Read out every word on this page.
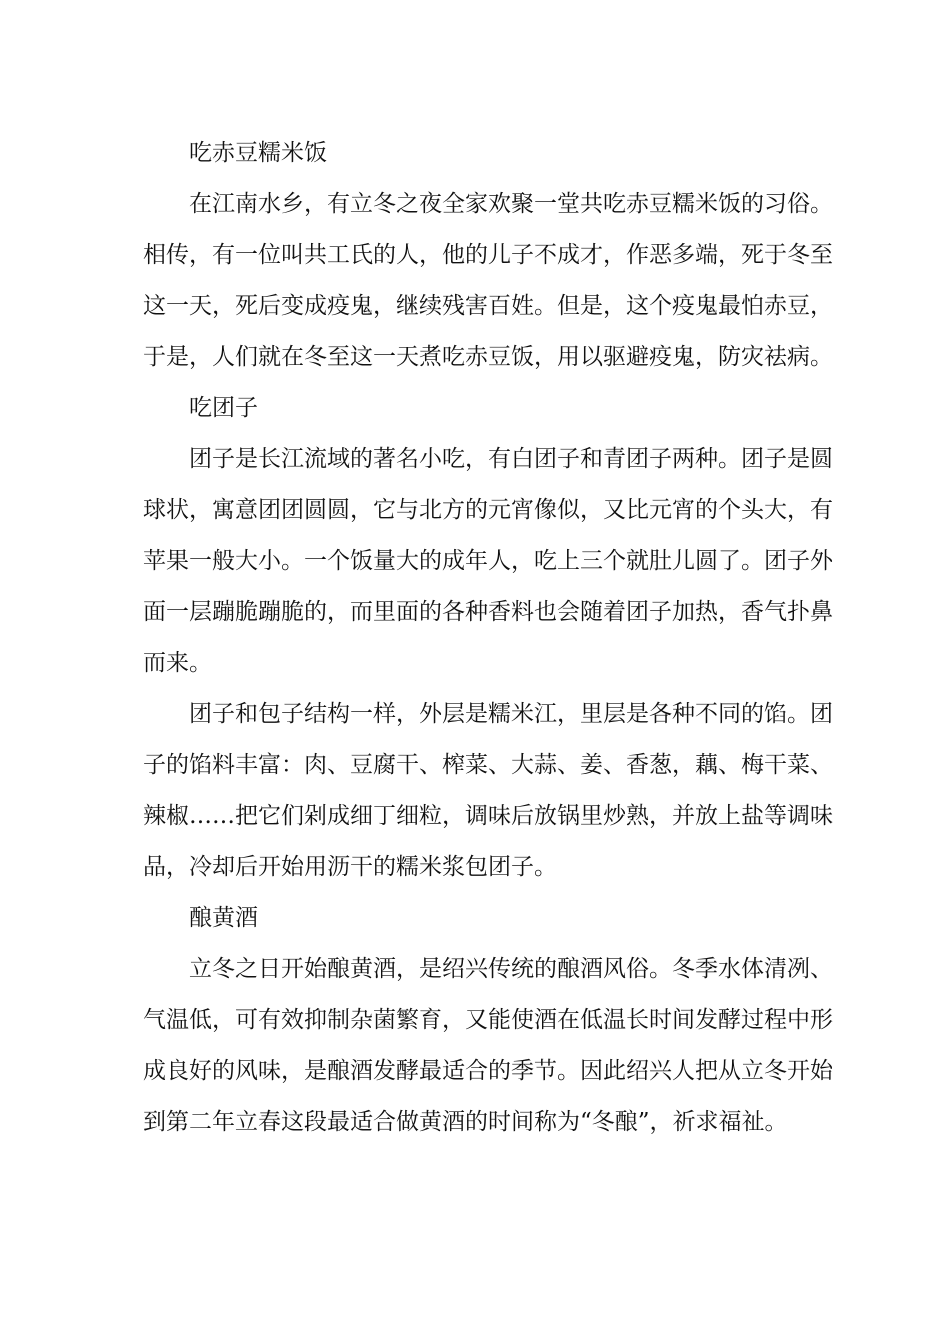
吃赤豆糯米饭

在江南水乡，有立冬之夜全家欢聚一堂共吃赤豆糯米饭的习俗。相传，有一位叫共工氏的人，他的儿子不成才，作恶多端，死于冬至这一天，死后变成疫鬼，继续残害百姓。但是，这个疫鬼最怕赤豆，于是，人们就在冬至这一天煮吃赤豆饭，用以驱避疫鬼，防灾祛病。

吃团子

团子是长江流域的著名小吃，有白团子和青团子两种。团子是圆球状，寓意团团圆圆，它与北方的元宵像似，又比元宵的个头大，有苹果一般大小。一个饭量大的成年人，吃上三个就肚儿圆了。团子外面一层蹦脆蹦脆的，而里面的各种香料也会随着团子加热，香气扑鼻而来。

团子和包子结构一样，外层是糯米江，里层是各种不同的馅。团子的馅料丰富：肉、豆腐干、榨菜、大蒜、姜、香葱，藕、梅干菜、辣椒……把它们剁成细丁细粒，调味后放锅里炒熟，并放上盐等调味品，冷却后开始用沥干的糯米浆包团子。

酿黄酒

立冬之日开始酿黄酒，是绍兴传统的酿酒风俗。冬季水体清冽、气温低，可有效抑制杂菌繁育，又能使酒在低温长时间发酵过程中形成良好的风味，是酿酒发酵最适合的季节。因此绍兴人把从立冬开始到第二年立春这段最适合做黄酒的时间称为“冬酿”，祈求福祉。
